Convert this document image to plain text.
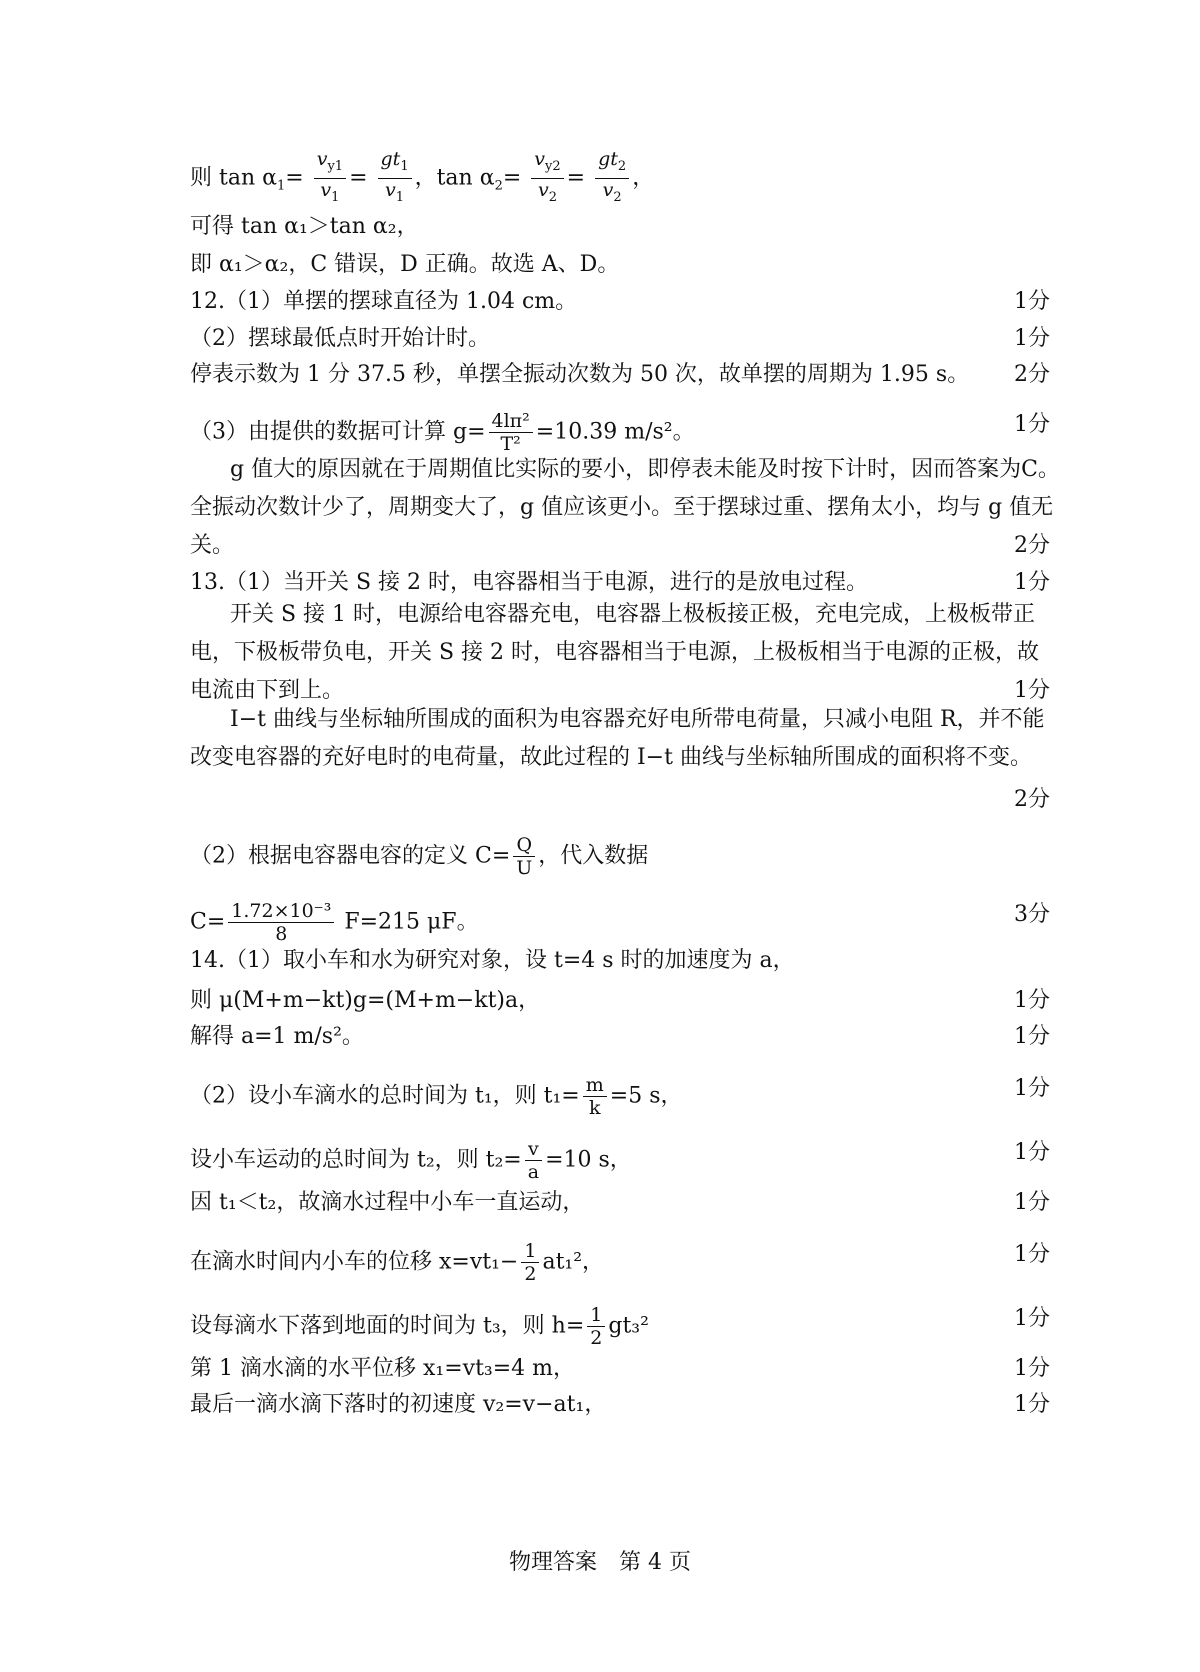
则 $\tan \alpha_1= \frac{v_{y1}}{v_1} = \frac{gt_1}{v_1}$ ，$\tan \alpha_2= \frac{v_{y2}}{v_2} = \frac{gt_2}{v_2}$ ，
可得 tan α₁＞tan α₂，
即 α₁＞α₂，C 错误，D 正确。故选 A、D。
12.（1）单摆的摆球直径为 1.04 cm。	1分
（2）摆球最低点时开始计时。	1分
停表示数为 1 分 37.5 秒，单摆全振动次数为 50 次，故单摆的周期为 1.95 s。	2分
（3）由提供的数据可计算 $g= \frac{\text{4lπ²}}{\text{T²}} =10.39$ m/s²。	1分
g 值大的原因就在于周期值比实际的要小，即停表未能及时按下计时，因而答案为C。全振动次数计少了，周期变大了，g 值应该更小。至于摆球过重、摆角太小，均与 g 值无关。	2分
13.（1）当开关 S 接 2 时，电容器相当于电源，进行的是放电过程。	1分
开关 S 接 1 时，电源给电容器充电，电容器上极板接正极，充电完成，上极板带正电，下极板带负电，开关 S 接 2 时，电容器相当于电源，上极板相当于电源的正极，故电流由下到上。	1分
I−t 曲线与坐标轴所围成的面积为电容器充好电所带电荷量，只减小电阻 R，并不能改变电容器的充好电时的电荷量，故此过程的 I−t 曲线与坐标轴所围成的面积将不变。
2分
（2）根据电容器电容的定义 $C= \frac{Q}{U}$ ，代入数据
$C= \frac{\text{1.72×10⁻³}}{8} F=215$ μF。	3分
14.（1）取小车和水为研究对象，设 t=4 s 时的加速度为 a，
则 μ(M+m−kt)g=(M+m−kt)a，	1分
解得 a=1 m/s²。	1分
（2）设小车滴水的总时间为 t₁，则 $t_1= \frac{m}{k} =5$ s，	1分
设小车运动的总时间为 t₂，则 $t_2= \frac{v}{a} =10$ s，	1分
因 t₁＜t₂，故滴水过程中小车一直运动，	1分
在滴水时间内小车的位移 $x=vt_1- \frac{1}{2} at_1^2$，	1分
设每滴水下落到地面的时间为 t₃，则 $h= \frac{1}{2} gt_3^2$	1分
第 1 滴水滴的水平位移 x₁=vt₃=4 m，	1分
最后一滴水滴下落时的初速度 v₂=v−at₁，	1分
物理答案　第 4 页
